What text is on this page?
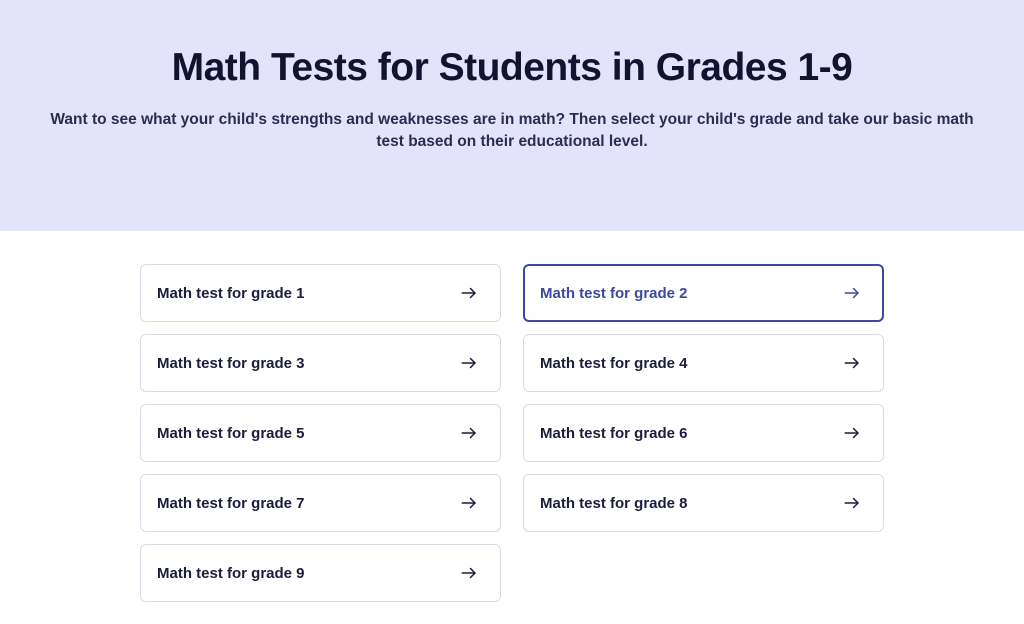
Math Tests for Students in Grades 1-9

Want to see what your child's strengths and weaknesses are in math? Then select your child's grade and take our basic math test based on their educational level.

Math test for grade 1	Math test for grade 2
Math test for grade 3	Math test for grade 4
Math test for grade 5	Math test for grade 6
Math test for grade 7	Math test for grade 8
Math test for grade 9
